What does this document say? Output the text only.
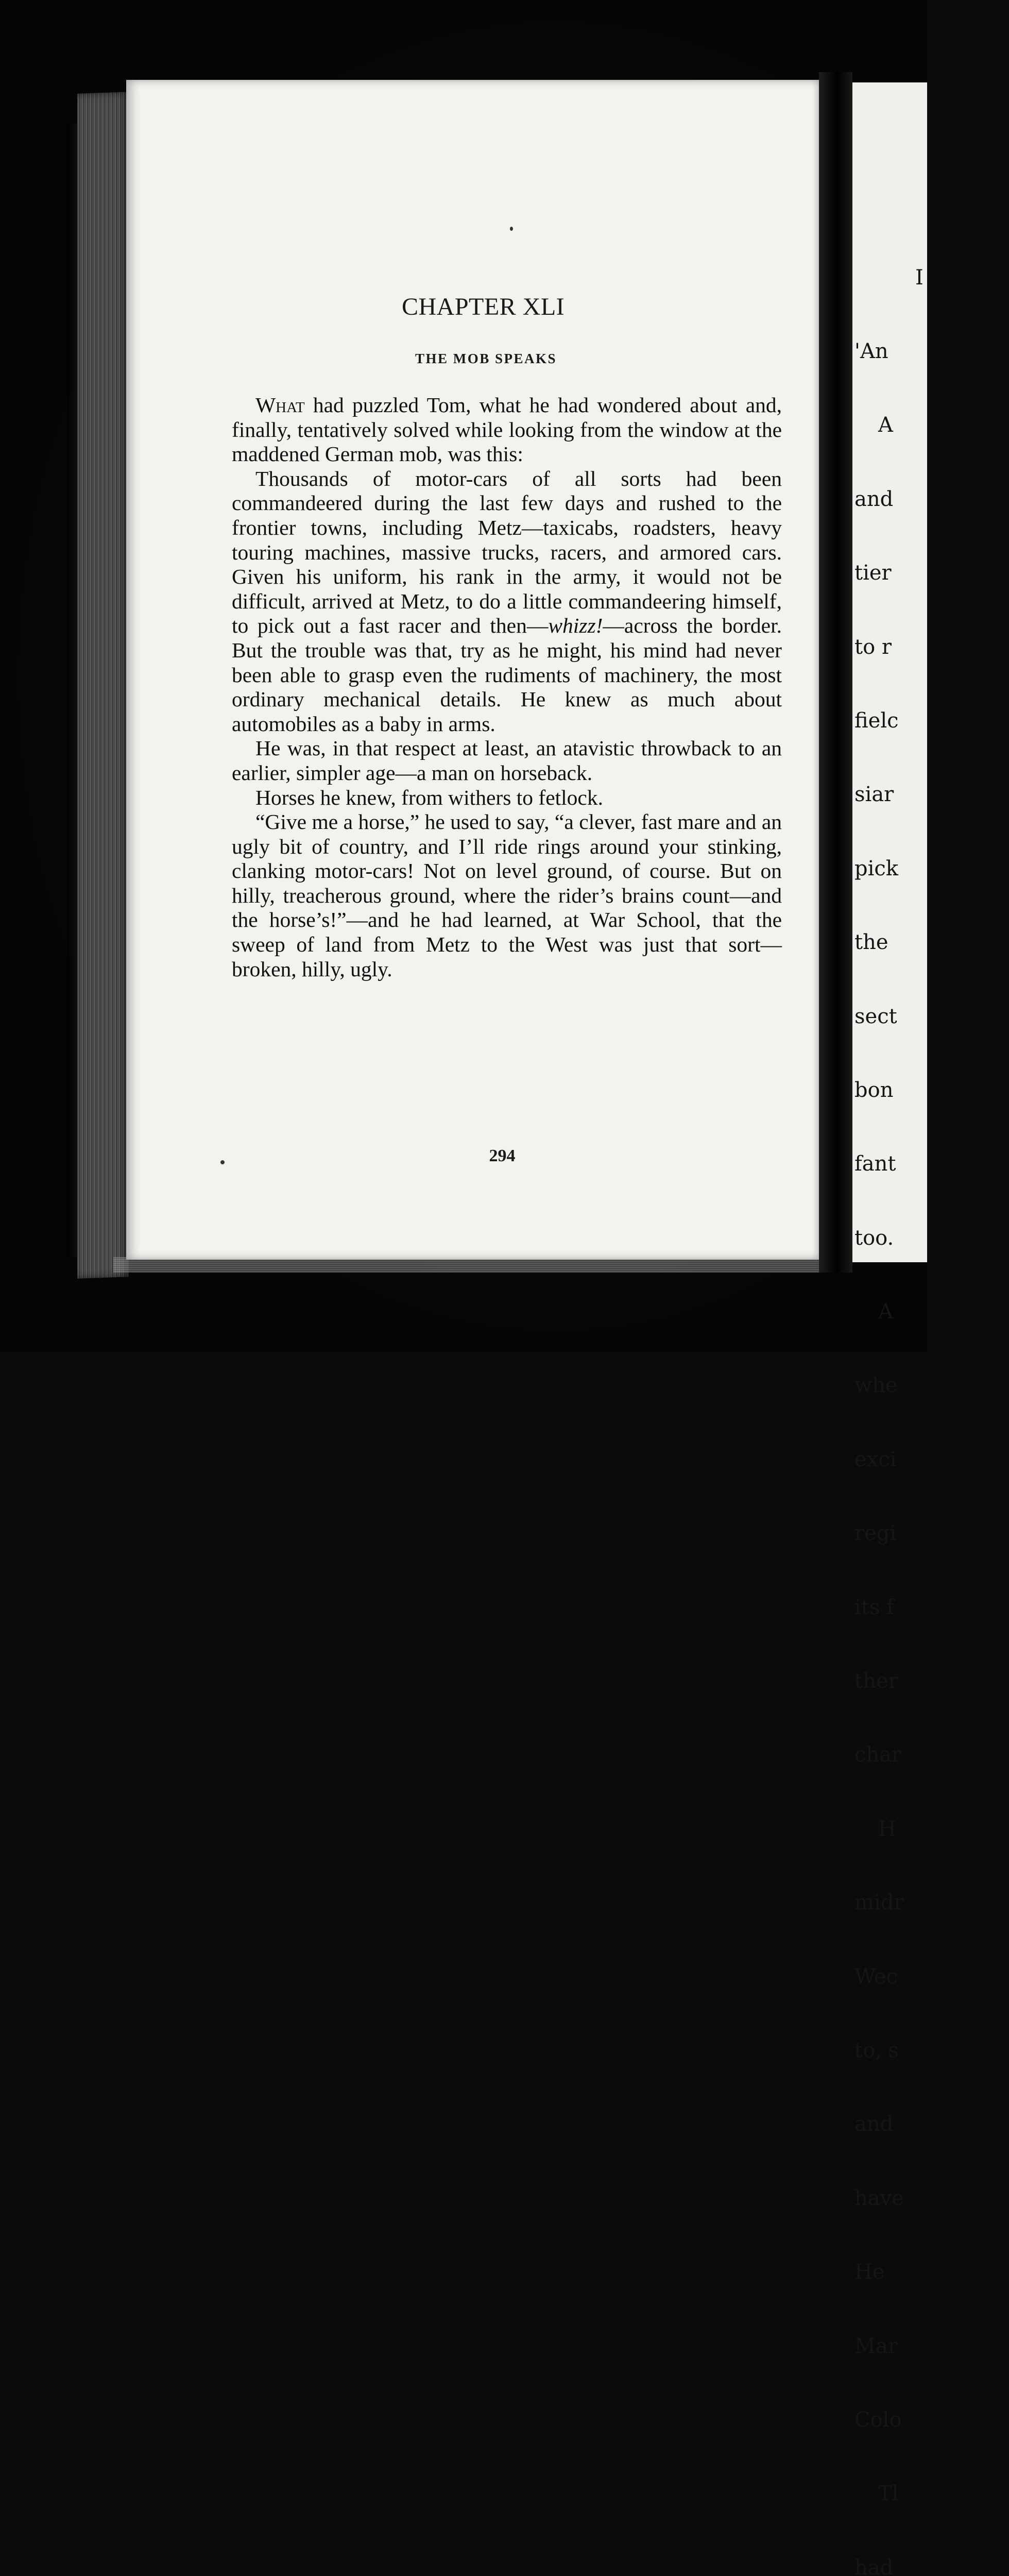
I

'An

A

and

tier

to r

fielc

siar

pick

the

sect

bon

fant

too.

A

whe

exci

regi

its f

ther

char

H

midr

Wec

to, s

and

have

He

Mar

Colo

Tl

had

CHAPTER XLI
THE MOB SPEAKS

What had puzzled Tom, what he had wondered about and, finally, tentatively solved while looking from the window at the maddened German mob, was this:

Thousands of motor-cars of all sorts had been commandeered during the last few days and rushed to the frontier towns, including Metz—taxicabs, roadsters, heavy touring machines, massive trucks, racers, and armored cars. Given his uniform, his rank in the army, it would not be difficult, arrived at Metz, to do a little commandeering himself, to pick out a fast racer and then—whizz!—across the border. But the trouble was that, try as he might, his mind had never been able to grasp even the rudiments of machinery, the most ordinary mechanical details. He knew as much about automobiles as a baby in arms.

He was, in that respect at least, an atavistic throwback to an earlier, simpler age—a man on horseback.

Horses he knew, from withers to fetlock.

“Give me a horse,” he used to say, “a clever, fast mare and an ugly bit of country, and I’ll ride rings around your stinking, clanking motor-cars! Not on level ground, of course. But on hilly, treacherous ground, where the rider’s brains count—and the horse’s!”—and he had learned, at War School, that the sweep of land from Metz to the West was just that sort—broken, hilly, ugly.

294
